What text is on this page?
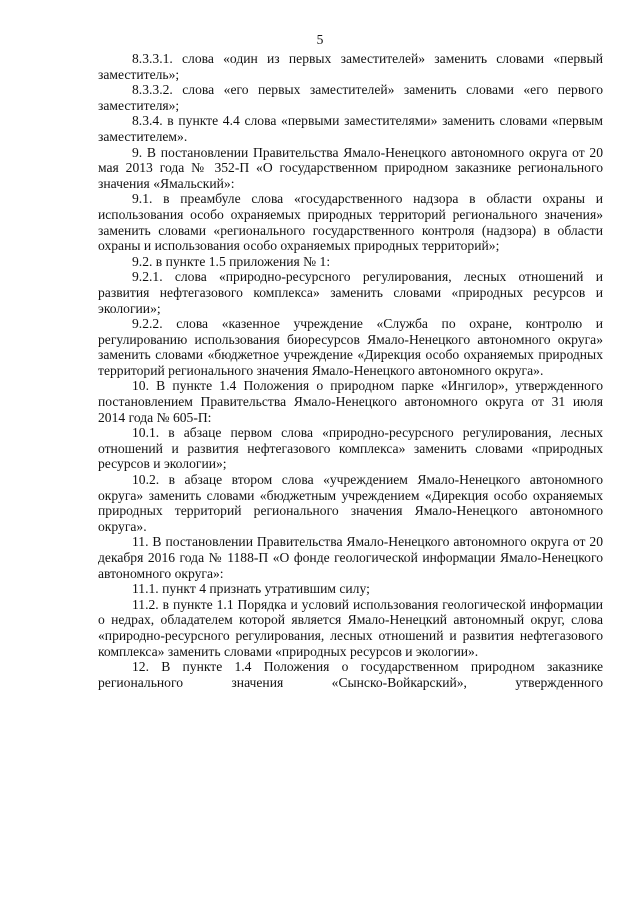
5

8.3.3.1. слова «один из первых заместителей» заменить словами «первый заместитель»;

8.3.3.2. слова «его первых заместителей» заменить словами «его первого заместителя»;

8.3.4. в пункте 4.4 слова «первыми заместителями» заменить словами «первым заместителем».

9. В постановлении Правительства Ямало-Ненецкого автономного округа от 20 мая 2013 года № 352-П «О государственном природном заказнике регионального значения «Ямальский»:

9.1. в преамбуле слова «государственного надзора в области охраны и использования особо охраняемых природных территорий регионального значения» заменить словами «регионального государственного контроля (надзора) в области охраны и использования особо охраняемых природных территорий»;

9.2. в пункте 1.5 приложения № 1:

9.2.1. слова «природно-ресурсного регулирования, лесных отношений и развития нефтегазового комплекса» заменить словами «природных ресурсов и экологии»;

9.2.2. слова «казенное учреждение «Служба по охране, контролю и регулированию использования биоресурсов Ямало-Ненецкого автономного округа» заменить словами «бюджетное учреждение «Дирекция особо охраняемых природных территорий регионального значения Ямало-Ненецкого автономного округа».

10. В пункте 1.4 Положения о природном парке «Ингилор», утвержденного постановлением Правительства Ямало-Ненецкого автономного округа от 31 июля 2014 года № 605-П:

10.1. в абзаце первом слова «природно-ресурсного регулирования, лесных отношений и развития нефтегазового комплекса» заменить словами «природных ресурсов и экологии»;

10.2. в абзаце втором слова «учреждением Ямало-Ненецкого автономного округа» заменить словами «бюджетным учреждением «Дирекция особо охраняемых природных территорий регионального значения Ямало-Ненецкого автономного округа».

11. В постановлении Правительства Ямало-Ненецкого автономного округа от 20 декабря 2016 года № 1188-П «О фонде геологической информации Ямало-Ненецкого автономного округа»:

11.1. пункт 4 признать утратившим силу;

11.2. в пункте 1.1 Порядка и условий использования геологической информации о недрах, обладателем которой является Ямало-Ненецкий автономный округ, слова «природно-ресурсного регулирования, лесных отношений и развития нефтегазового комплекса» заменить словами «природных ресурсов и экологии».

12. В пункте 1.4 Положения о государственном природном заказнике регионального значения «Сынско-Войкарский», утвержденного
